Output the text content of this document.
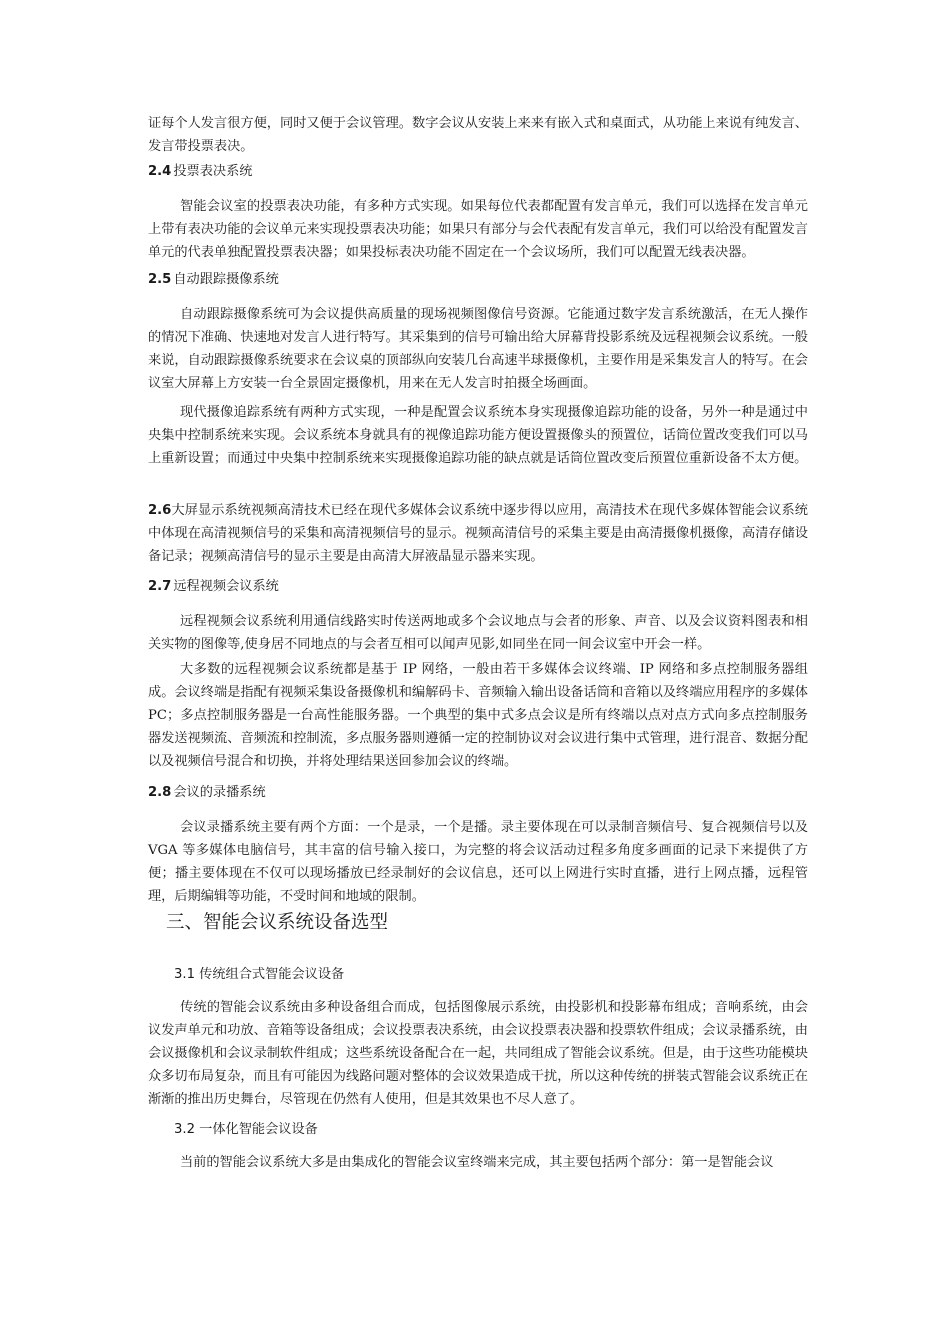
证每个人发言很方便，同时又便于会议管理。数字会议从安装上来来有嵌入式和桌面式，从功能上来说有纯发言、发言带投票表决。

2.4 投票表决系统

智能会议室的投票表决功能，有多种方式实现。如果每位代表都配置有发言单元，我们可以选择在发言单元上带有表决功能的会议单元来实现投票表决功能；如果只有部分与会代表配有发言单元，我们可以给没有配置发言单元的代表单独配置投票表决器；如果投标表决功能不固定在一个会议场所，我们可以配置无线表决器。

2.5 自动跟踪摄像系统

自动跟踪摄像系统可为会议提供高质量的现场视频图像信号资源。它能通过数字发言系统激活，在无人操作的情况下准确、快速地对发言人进行特写。其采集到的信号可输出给大屏幕背投影系统及远程视频会议系统。一般来说，自动跟踪摄像系统要求在会议桌的顶部纵向安装几台高速半球摄像机，主要作用是采集发言人的特写。在会议室大屏幕上方安装一台全景固定摄像机，用来在无人发言时拍摄全场画面。

现代摄像追踪系统有两种方式实现，一种是配置会议系统本身实现摄像追踪功能的设备，另外一种是通过中央集中控制系统来实现。会议系统本身就具有的视像追踪功能方便设置摄像头的预置位，话筒位置改变我们可以马上重新设置；而通过中央集中控制系统来实现摄像追踪功能的缺点就是话筒位置改变后预置位重新设备不太方便。

2.6大屏显示系统视频高清技术已经在现代多媒体会议系统中逐步得以应用，高清技术在现代多媒体智能会议系统中体现在高清视频信号的采集和高清视频信号的显示。视频高清信号的采集主要是由高清摄像机摄像，高清存储设备记录；视频高清信号的显示主要是由高清大屏液晶显示器来实现。

2.7 远程视频会议系统

远程视频会议系统利用通信线路实时传送两地或多个会议地点与会者的形象、声音、以及会议资料图表和相关实物的图像等,使身居不同地点的与会者互相可以闻声见影,如同坐在同一间会议室中开会一样。

大多数的远程视频会议系统都是基于 IP 网络，一般由若干多媒体会议终端、IP 网络和多点控制服务器组成。会议终端是指配有视频采集设备摄像机和编解码卡、音频输入输出设备话筒和音箱以及终端应用程序的多媒体 PC；多点控制服务器是一台高性能服务器。一个典型的集中式多点会议是所有终端以点对点方式向多点控制服务器发送视频流、音频流和控制流，多点服务器则遵循一定的控制协议对会议进行集中式管理，进行混音、数据分配以及视频信号混合和切换，并将处理结果送回参加会议的终端。

2.8 会议的录播系统

会议录播系统主要有两个方面：一个是录，一个是播。录主要体现在可以录制音频信号、复合视频信号以及 VGA 等多媒体电脑信号，其丰富的信号输入接口，为完整的将会议活动过程多角度多画面的记录下来提供了方便；播主要体现在不仅可以现场播放已经录制好的会议信息，还可以上网进行实时直播，进行上网点播，远程管理，后期编辑等功能，不受时间和地域的限制。

三、智能会议系统设备选型
3.1 传统组合式智能会议设备

传统的智能会议系统由多种设备组合而成，包括图像展示系统，由投影机和投影幕布组成；音响系统，由会议发声单元和功放、音箱等设备组成；会议投票表决系统，由会议投票表决器和投票软件组成；会议录播系统，由会议摄像机和会议录制软件组成；这些系统设备配合在一起，共同组成了智能会议系统。但是，由于这些功能模块众多切布局复杂，而且有可能因为线路问题对整体的会议效果造成干扰，所以这种传统的拼装式智能会议系统正在渐渐的推出历史舞台，尽管现在仍然有人使用，但是其效果也不尽人意了。

3.2 一体化智能会议设备

当前的智能会议系统大多是由集成化的智能会议室终端来完成，其主要包括两个部分：第一是智能会议
